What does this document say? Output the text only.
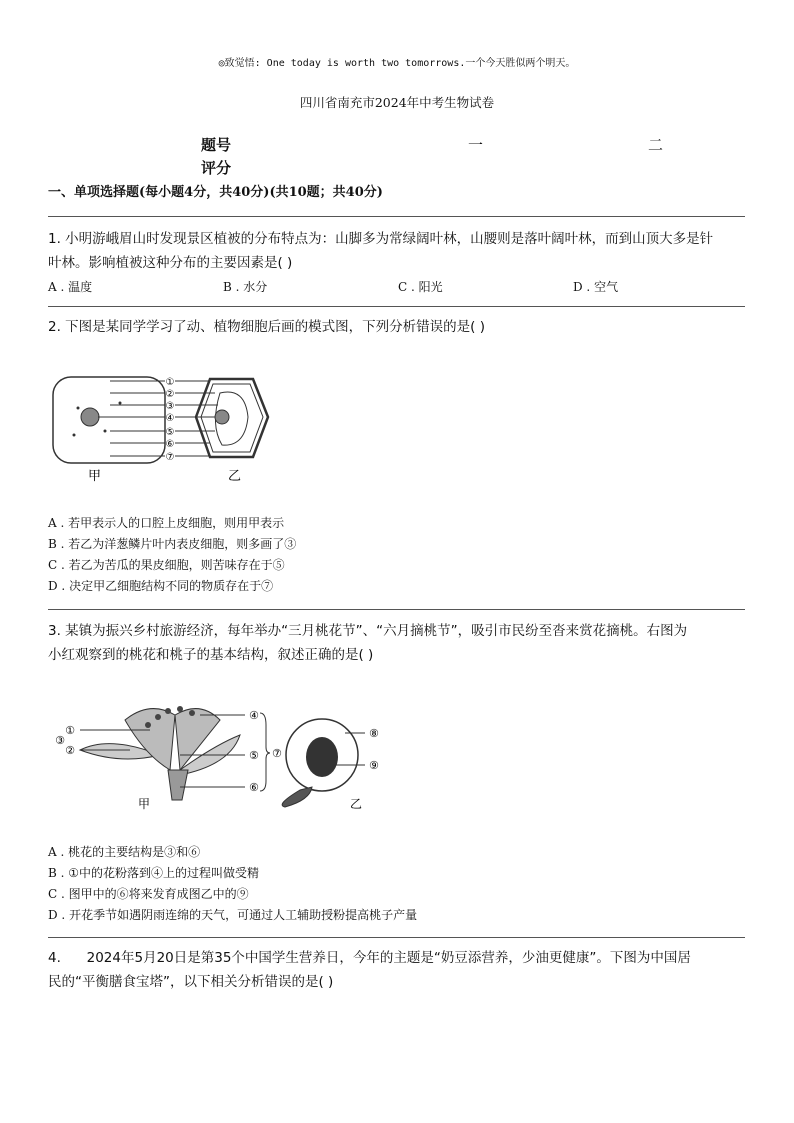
◎致觉悟: One today is worth two tomorrows.一个今天胜似两个明天。
四川省南充市2024年中考生物试卷
题号	一	二
评分
一、单项选择题(每小题4分，共40分)(共10题；共40分)
1. 小明游峨眉山时发现景区植被的分布特点为：山脚多为常绿阔叶林，山腰则是落叶阔叶林，而到山顶大多是针
叶林。影响植被这种分布的主要因素是( )
A . 温度	B . 水分	C . 阳光	D . 空气
2. 下图是某同学学习了动、植物细胞后画的模式图，下列分析错误的是( )
①
②
③
④
⑤
⑥
⑦
甲	乙
A . 若甲表示人的口腔上皮细胞，则用甲表示
B . 若乙为洋葱鳞片叶内表皮细胞，则多画了③
C . 若乙为苦瓜的果皮细胞，则苦味存在于⑤
D . 决定甲乙细胞结构不同的物质存在于⑦
3. 某镇为振兴乡村旅游经济，每年举办“三月桃花节”、“六月摘桃节”，吸引市民纷至沓来赏花摘桃。右图为
小红观察到的桃花和桃子的基本结构，叙述正确的是( )
①
②
③
④
⑤
⑥
⑦
甲
⑧
⑨
乙
A . 桃花的主要结构是③和⑥
B . ①中的花粉落到④上的过程叫做受精
C . 图甲中的⑥将来发育成图乙中的⑨
D . 开花季节如遇阴雨连绵的天气，可通过人工辅助授粉提高桃子产量
4.      2024年5月20日是第35个中国学生营养日，今年的主题是“奶豆添营养，少油更健康”。下图为中国居
民的“平衡膳食宝塔”，以下相关分析错误的是( )
